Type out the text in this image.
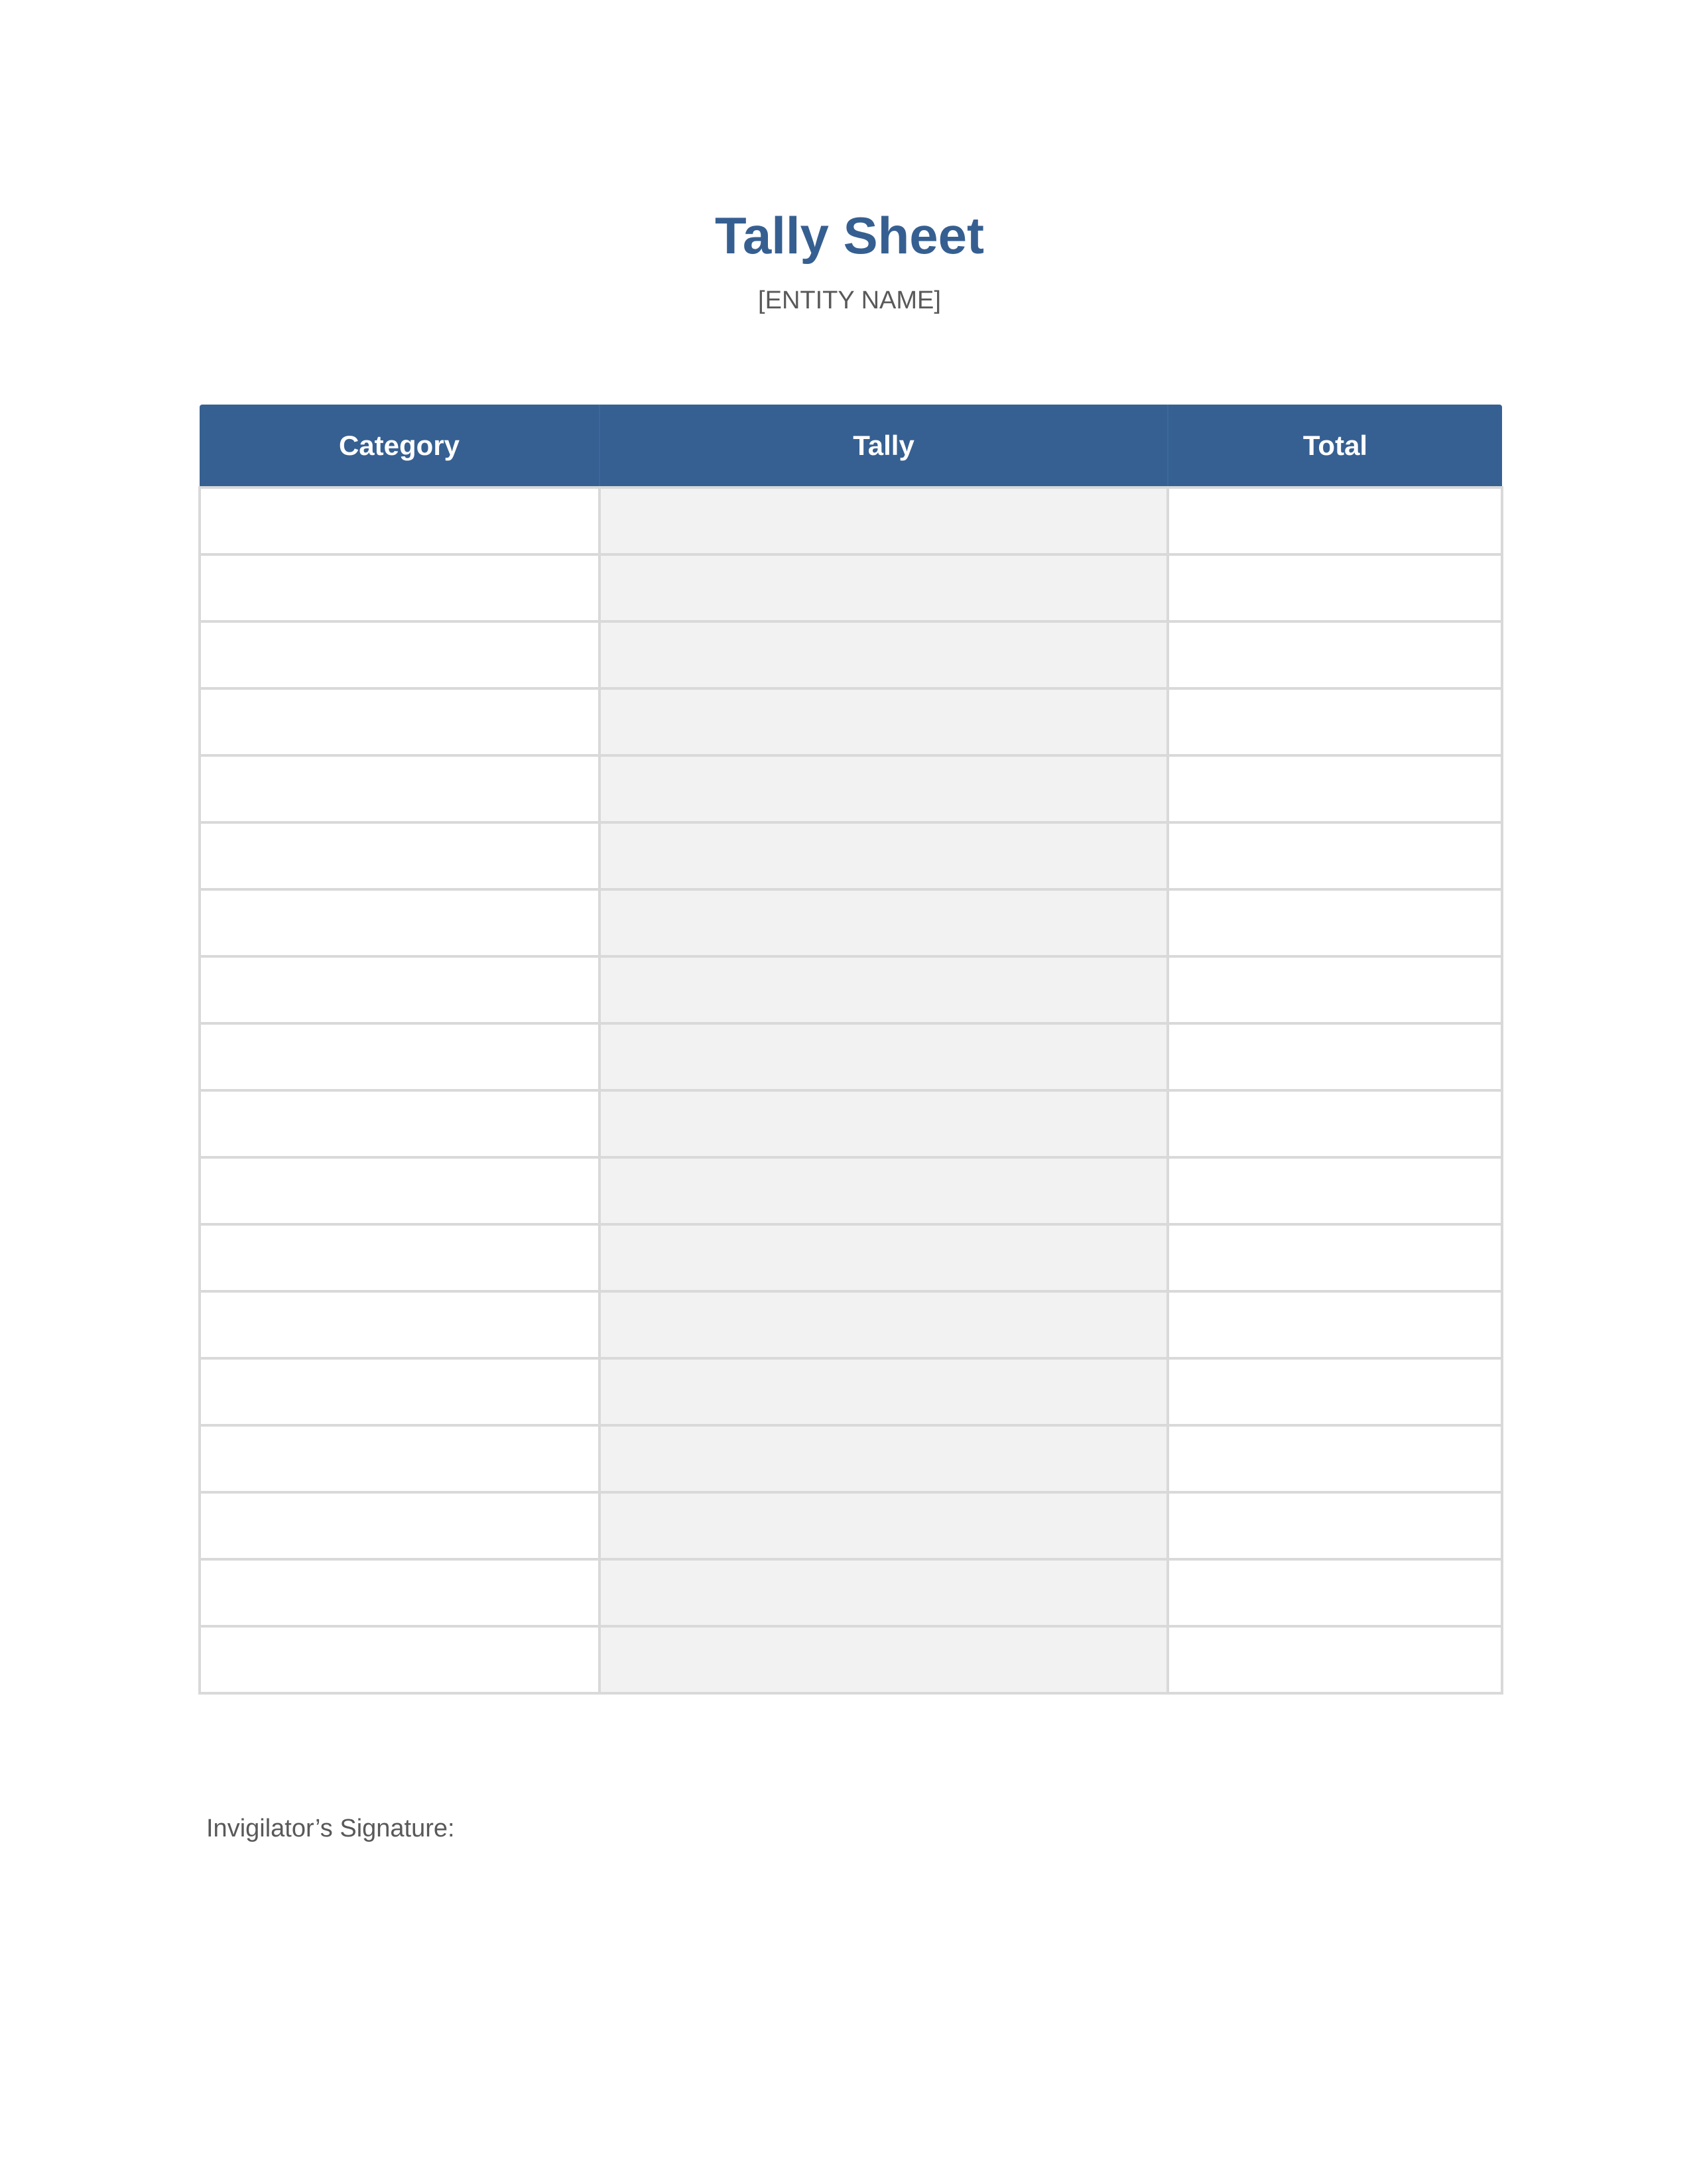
Tally Sheet
[ENTITY NAME]
Category	Tally	Total

Invigilator’s Signature:
